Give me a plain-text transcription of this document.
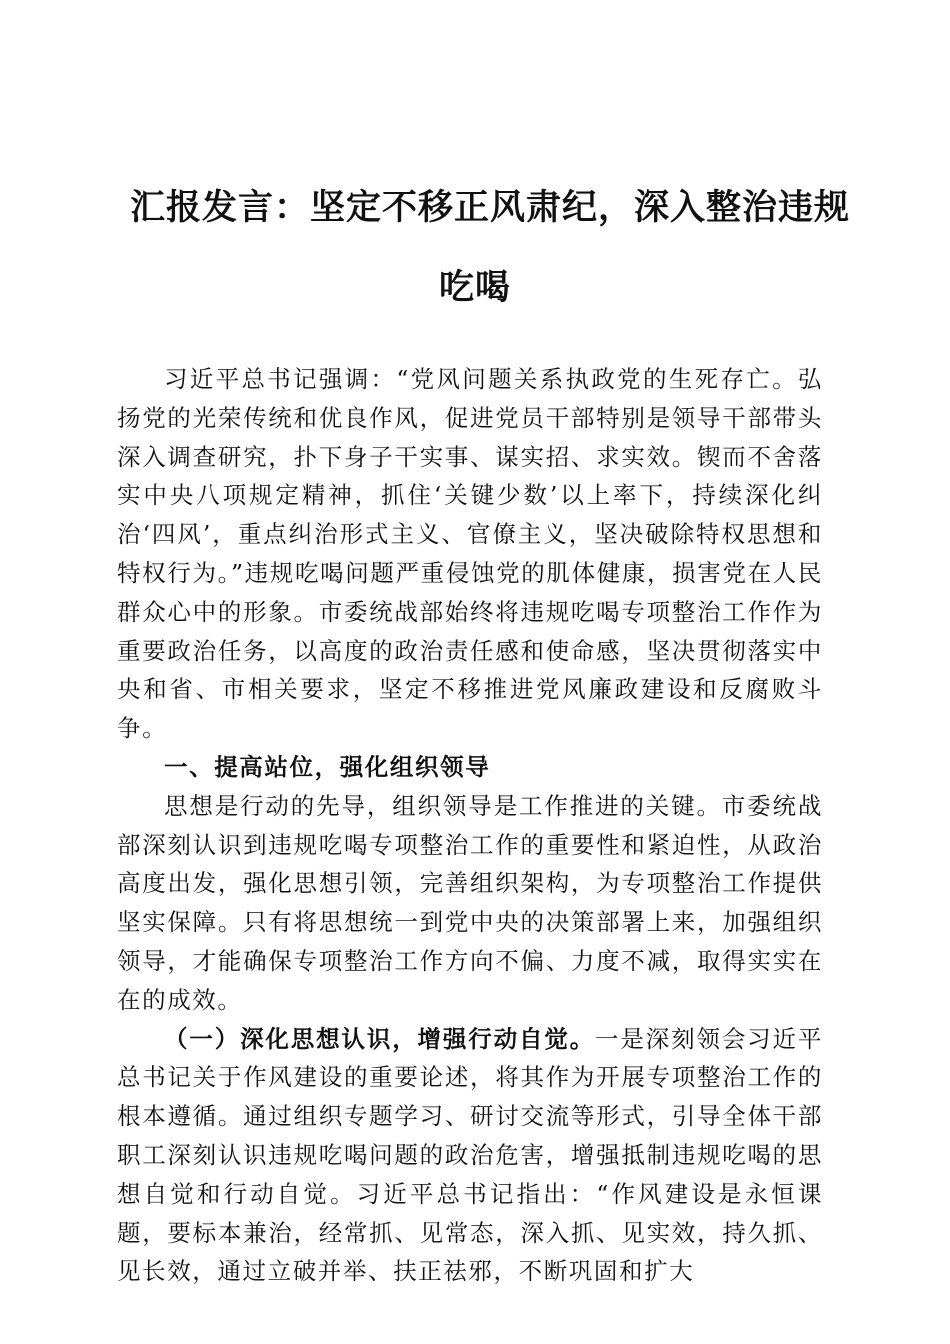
汇报发言：坚定不移正风肃纪，深入整治违规
吃喝

习近平总书记强调：“党风问题关系执政党的生死存亡。弘扬党的光荣传统和优良作风，促进党员干部特别是领导干部带头深入调查研究，扑下身子干实事、谋实招、求实效。锲而不舍落实中央八项规定精神，抓住‘关键少数’以上率下，持续深化纠治‘四风’，重点纠治形式主义、官僚主义，坚决破除特权思想和特权行为。”违规吃喝问题严重侵蚀党的肌体健康，损害党在人民群众心中的形象。市委统战部始终将违规吃喝专项整治工作作为重要政治任务，以高度的政治责任感和使命感，坚决贯彻落实中央和省、市相关要求，坚定不移推进党风廉政建设和反腐败斗争。

一、提高站位，强化组织领导

思想是行动的先导，组织领导是工作推进的关键。市委统战部深刻认识到违规吃喝专项整治工作的重要性和紧迫性，从政治高度出发，强化思想引领，完善组织架构，为专项整治工作提供坚实保障。只有将思想统一到党中央的决策部署上来，加强组织领导，才能确保专项整治工作方向不偏、力度不减，取得实实在在的成效。

（一）深化思想认识，增强行动自觉。一是深刻领会习近平总书记关于作风建设的重要论述，将其作为开展专项整治工作的根本遵循。通过组织专题学习、研讨交流等形式，引导全体干部职工深刻认识违规吃喝问题的政治危害，增强抵制违规吃喝的思想自觉和行动自觉。习近平总书记指出：“作风建设是永恒课题，要标本兼治，经常抓、见常态，深入抓、见实效，持久抓、见长效，通过立破并举、扶正祛邪，不断巩固和扩大
